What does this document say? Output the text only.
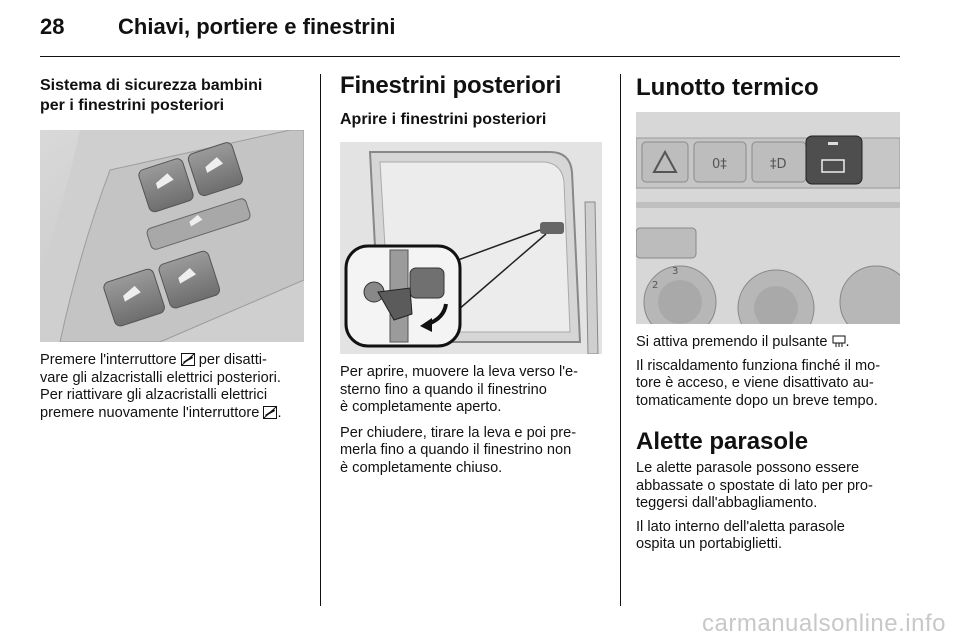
28 Chiavi, portiere e finestrini
Sistema di sicurezza bambini
per i finestrini posteriori

Premere l'interruttore  per disatti-

vare gli alzacristalli elettrici posteriori.

Per riattivare gli alzacristalli elettrici

premere nuovamente l'interruttore .

Finestrini posteriori
Aprire i finestrini posteriori

Per aprire, muovere la leva verso l'e-

sterno fino a quando il finestrino

è completamente aperto.

Per chiudere, tirare la leva e poi pre-

merla fino a quando il finestrino non

è completamente chiuso.

Lunotto termico
0‡	‡D
2
3

Si attiva premendo il pulsante .

Il riscaldamento funziona finché il mo-

tore è acceso, e viene disattivato au-

tomaticamente dopo un breve tempo.

Alette parasole

Le alette parasole possono essere

abbassate o spostate di lato per pro-

teggersi dall'abbagliamento.

Il lato interno dell'aletta parasole

ospita un portabiglietti.

carmanualsonline.info
